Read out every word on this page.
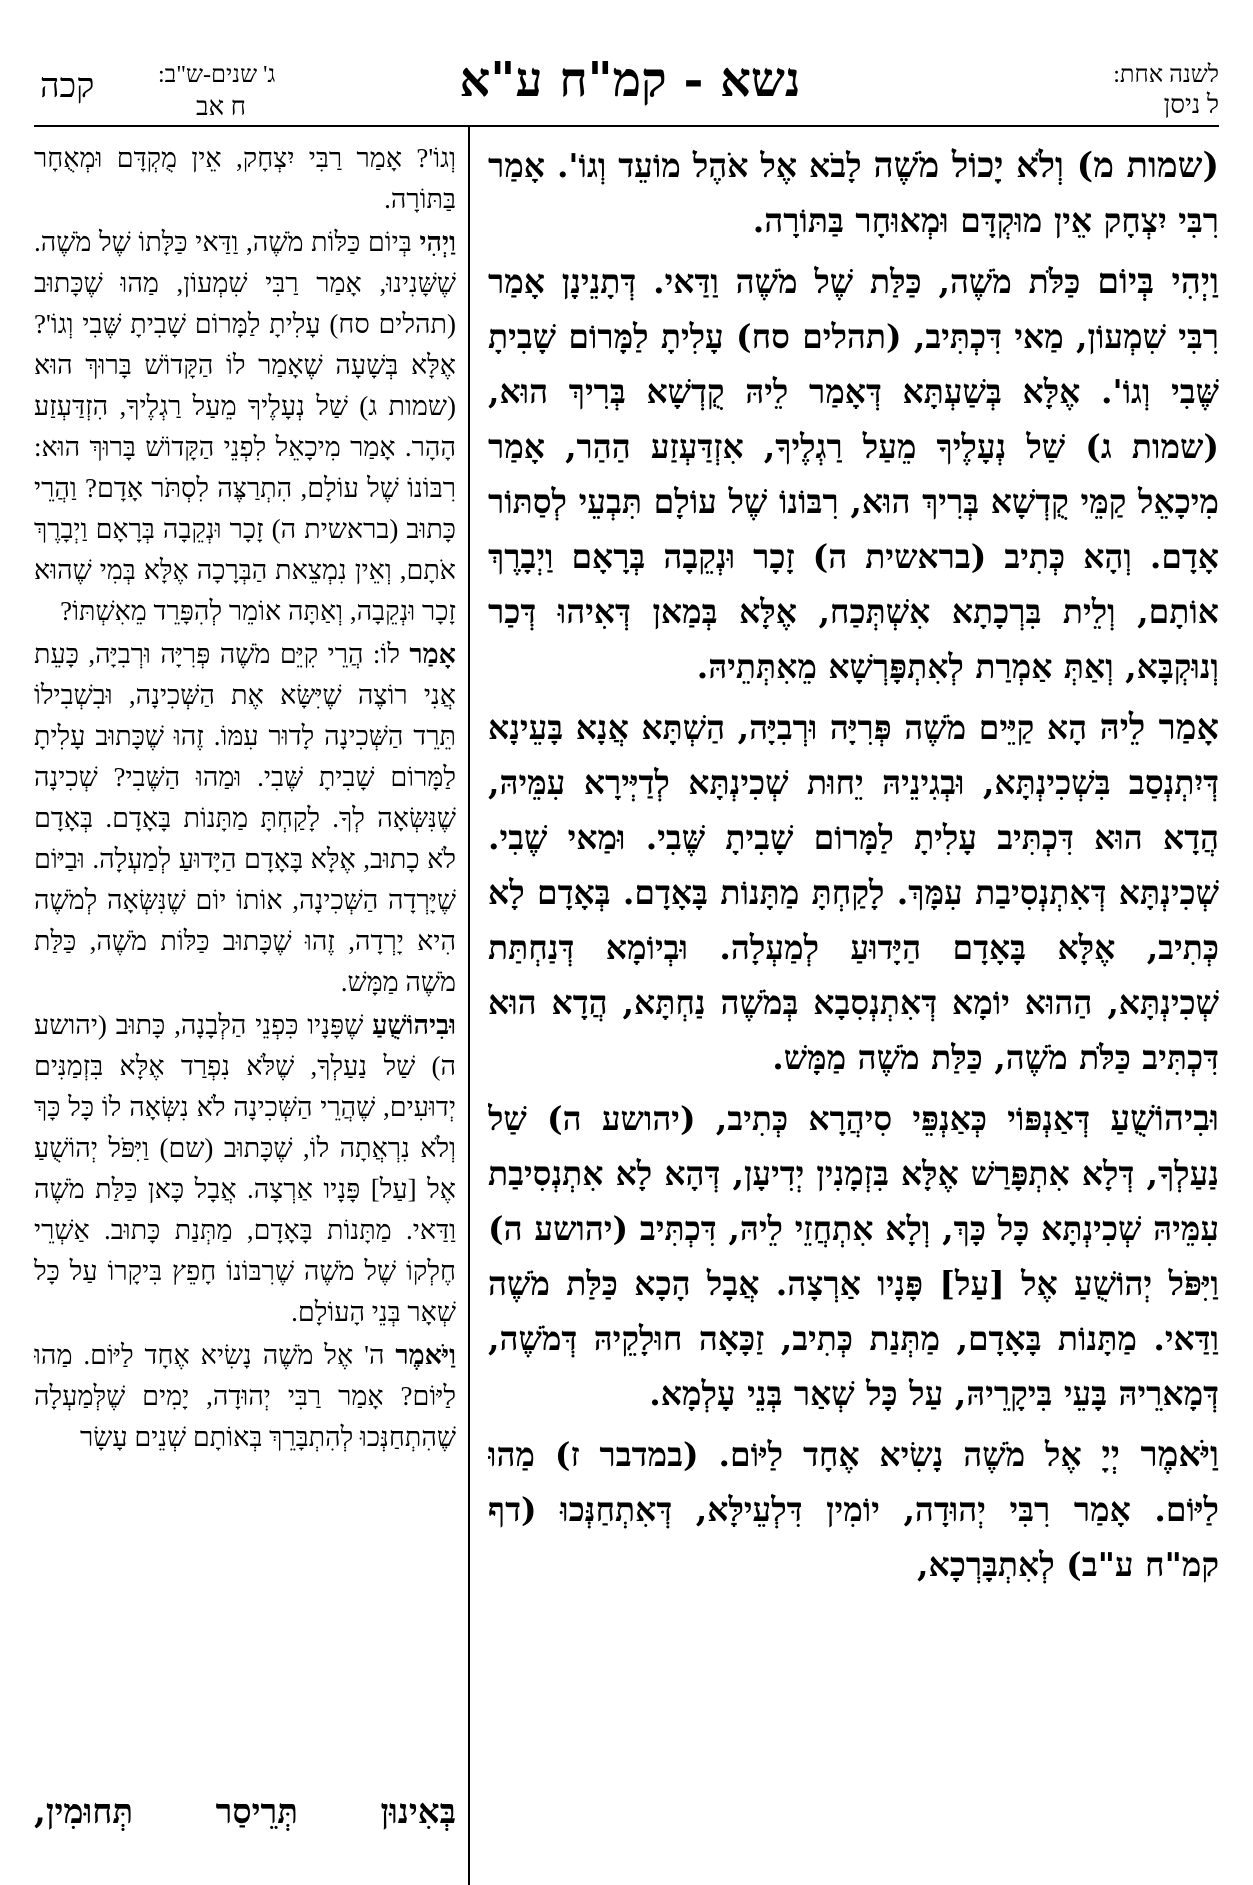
לשנה אחת:
ל ניסן
נשא - קמ"ח ע"א
ג' שנים-ש"ב:
ח אב
קכה

(שמות מ) וְלֹא יָכוֹל מֹשֶׁה לָבֹא אֶל אֹהֶל מוֹעֵד וְגוֹ'. אָמַר רִבִּי יִצְחָק אֵין מוּקְדָּם וּמְאוּחָר בַּתּוֹרָה.

וַיְהִי בְּיוֹם כַּלֹּת מֹשֶׁה, כַּלַּת שֶׁל מֹשֶׁה וַדַּאי. דְּתָנֵינָן אָמַר רִבִּי שִׁמְעוֹן, מַאי דִּכְתִּיב, (תהלים סח) עָלִיתָ לַמָּרוֹם שָׁבִיתָ שֶּׁבִי וְגוֹ'. אֶלָּא בְּשַׁעְתָּא דְּאָמַר לֵיהּ קֻדְשָׁא בְּרִיךְ הוּא, (שמות ג) שַׁל נְעָלֶיךָ מֵעַל רַגְלֶיךָ, אִזְדַּעְזַע הַהַר, אָמַר מִיכָאֵל קַמֵּי קֻדְשָׁא בְּרִיךְ הוּא, רִבּוֹנוֹ שֶׁל עוֹלָם תִּבְעֵי לְסַתּוֹר אָדָם. וְהָא כְּתִיב (בראשית ה) זָכָר וּנְקֵבָה בְּרָאָם וַיְבָרֶךְ אוֹתָם, וְלֵית בִּרְכָתָא אִשְׁתְּכַח, אֶלָּא בְּמַאן דְּאִיהוּ דְּכַר וְנוּקְבָּא, וְאַתְּ אַמְרַת לְאִתְפָּרְשָׁא מֵאִתְּתֵיהּ.

אָמַר לֵיהּ הָא קַיֵּים מֹשֶׁה פְּרִיָּה וּרְבִיָּה, הַשְׁתָּא אֲנָא בָּעֵינָא דְּיִתְנְסַב בִּשְׁכִינְתָּא, וּבְגִינֵיהּ יֵחוּת שְׁכִינְתָּא לְדַיְּירָא עִמֵּיהּ, הֲדָא הוּא דִּכְתִּיב עָלִיתָ לַמָּרוֹם שָׁבִיתָ שֶּׁבִי. וּמַאי שֶׁבִי. שְׁכִינְתָּא דְּאִתְנְסִיבַת עִמָּךְ. לָקַחְתָּ מַתָּנוֹת בָּאָדָם. בְּאָדָם לָא כְּתִיב, אֶלָּא בָּאָדָם הַיָּדוּעַ לְמַעְלָה. וּבְיוֹמָא דְּנַחְתַּת שְׁכִינְתָּא, הַהוּא יוֹמָא דְּאִתְנְסִבָא בְּמֹשֶׁה נַחְתָּא, הֲדָא הוּא דִּכְתִּיב כַּלֹּת מֹשֶׁה, כַּלַּת מֹשֶׁה מַמָּשׁ.

וּבִיהוֹשֻׁעַ דְּאַנְפּוֹי כְּאַנְפֵּי סִיהֲרָא כְּתִיב, (יהושע ה) שַׁל נַעַלְךָ, דְּלָא אִתְפָּרַשׁ אֶלָּא בִּזְמָנִין יְדִיעָן, דְּהָא לָא אִתְנְסִיבַת עִמֵּיהּ שְׁכִינְתָּא כָּל כָּךְ, וְלָא אִתְחֲזֵי לֵיהּ, דִּכְתִּיב (יהושע ה) וַיִּפֹּל יְהוֹשֻׁעַ אֶל [עַל] פָּנָיו אַרְצָה. אֲבָל הָכָא כַּלַּת מֹשֶׁה וַדַּאי. מַתָּנוֹת בָּאָדָם, מַתְּנַת כְּתִיב, זַכָּאָה חוּלָקֵיהּ דְּמֹשֶׁה, דְּמָארֵיהּ בָּעֵי בִּיקָרֵיהּ, עַל כָּל שְׁאַר בְּנֵי עָלְמָא.

וַיֹּאמֶר יְיָ אֶל מֹשֶׁה נָשִׂיא אֶחָד לַיּוֹם. (במדבר ז) מַהוּ לַיּוֹם. אָמַר רִבִּי יְהוּדָה, יוֹמִין דִּלְעֵילָּא, דְּאִתְחַנְּכוּ (דף קמ"ח ע"ב) לְאִתְבָּרְכָא,

וְגוֹ'? אָמַר רַבִּי יִצְחָק, אֵין מֻקְדָּם וּמְאֻחָר בַּתּוֹרָה.

וַיְהִי בְּיוֹם כַּלּוֹת מֹשֶׁה, וַדַּאי כַּלָּתוֹ שֶׁל מֹשֶׁה. שֶׁשָּׁנִינוּ, אָמַר רַבִּי שִׁמְעוֹן, מַהוּ שֶׁכָּתוּב (תהלים סח) עָלִיתָ לַמָּרוֹם שָׁבִיתָ שֶּׁבִי וְגוֹ'? אֶלָּא בְּשָׁעָה שֶׁאָמַר לוֹ הַקָּדוֹשׁ בָּרוּךְ הוּא (שמות ג) שַׁל נְעָלֶיךָ מֵעַל רַגְלֶיךָ, הִזְדַּעְזַע הָהָר. אָמַר מִיכָאֵל לִפְנֵי הַקָּדוֹשׁ בָּרוּךְ הוּא: רִבּוֹנוֹ שֶׁל עוֹלָם, הִתְרַצֶּה לִסְתֹּר אָדָם? וַהֲרֵי כָּתוּב (בראשית ה) זָכָר וּנְקֵבָה בְּרָאָם וַיְבָרֶךְ אֹתָם, וְאֵין נִמְצֵאת הַבְּרָכָה אֶלָּא בְּמִי שֶׁהוּא זָכָר וּנְקֵבָה, וְאַתָּה אוֹמֵר לְהִפָּרֵד מֵאִשְׁתּוֹ?

אָמַר לוֹ: הֲרֵי קִיֵּם מֹשֶׁה פְּרִיָּה וּרְבִיָּה, כָּעֵת אֲנִי רוֹצֶה שֶׁיִּשָּׂא אֶת הַשְּׁכִינָה, וּבִשְׁבִילוֹ תֵּרֵד הַשְּׁכִינָה לָדוּר עִמּוֹ. זֶהוּ שֶׁכָּתוּב עָלִיתָ לַמָּרוֹם שָׁבִיתָ שֶּׁבִי. וּמַהוּ הַשֶּׁבִי? שְׁכִינָה שֶׁנִּשְּׂאָה לְךָ. לָקַחְתָּ מַתָּנוֹת בָּאָדָם. בְּאָדָם לֹא כָתוּב, אֶלָּא בָּאָדָם הַיָּדוּעַ לְמַעְלָה. וּבַיּוֹם שֶׁיָּרְדָה הַשְּׁכִינָה, אוֹתוֹ יוֹם שֶׁנִּשְּׂאָה לְמֹשֶׁה הִיא יָרְדָה, זֶהוּ שֶׁכָּתוּב כַּלּוֹת מֹשֶׁה, כַּלַּת מֹשֶׁה מַמָּשׁ.

וּבִיהוֹשֻׁעַ שֶׁפָּנָיו כִּפְנֵי הַלְּבָנָה, כָּתוּב (יהושע ה) שַׁל נַעַלְךָ, שֶׁלֹּא נִפְרַד אֶלָּא בִּזְמַנִּים יְדוּעִים, שֶׁהֲרֵי הַשְּׁכִינָה לֹא נִשְּׂאָה לוֹ כָּל כָּךְ וְלֹא נִרְאֲתָה לוֹ, שֶׁכָּתוּב (שם) וַיִּפֹּל יְהוֹשֻׁעַ אֶל [עַל] פָּנָיו אַרְצָה. אֲבָל כָּאן כַּלַּת מֹשֶׁה וַדַּאי. מַתָּנוֹת בָּאָדָם, מַתְּנַת כָּתוּב. אַשְׁרֵי חֶלְקוֹ שֶׁל מֹשֶׁה שֶׁרִבּוֹנוֹ חָפֵץ בִּיקָרוֹ עַל כָּל שְׁאָר בְּנֵי הָעוֹלָם.

וַיֹּאמֶר ה' אֶל מֹשֶׁה נָשִׂיא אֶחָד לַיּוֹם. מַהוּ לַיּוֹם? אָמַר רַבִּי יְהוּדָה, יָמִים שֶׁלְּמַעְלָה שֶׁהִתְחַנְּכוּ לְהִתְבָּרֵךְ בְּאוֹתָם שְׁנֵים עָשָׂר

בְּאִינוּן תְּרֵיסַר תְּחוּמִין,
